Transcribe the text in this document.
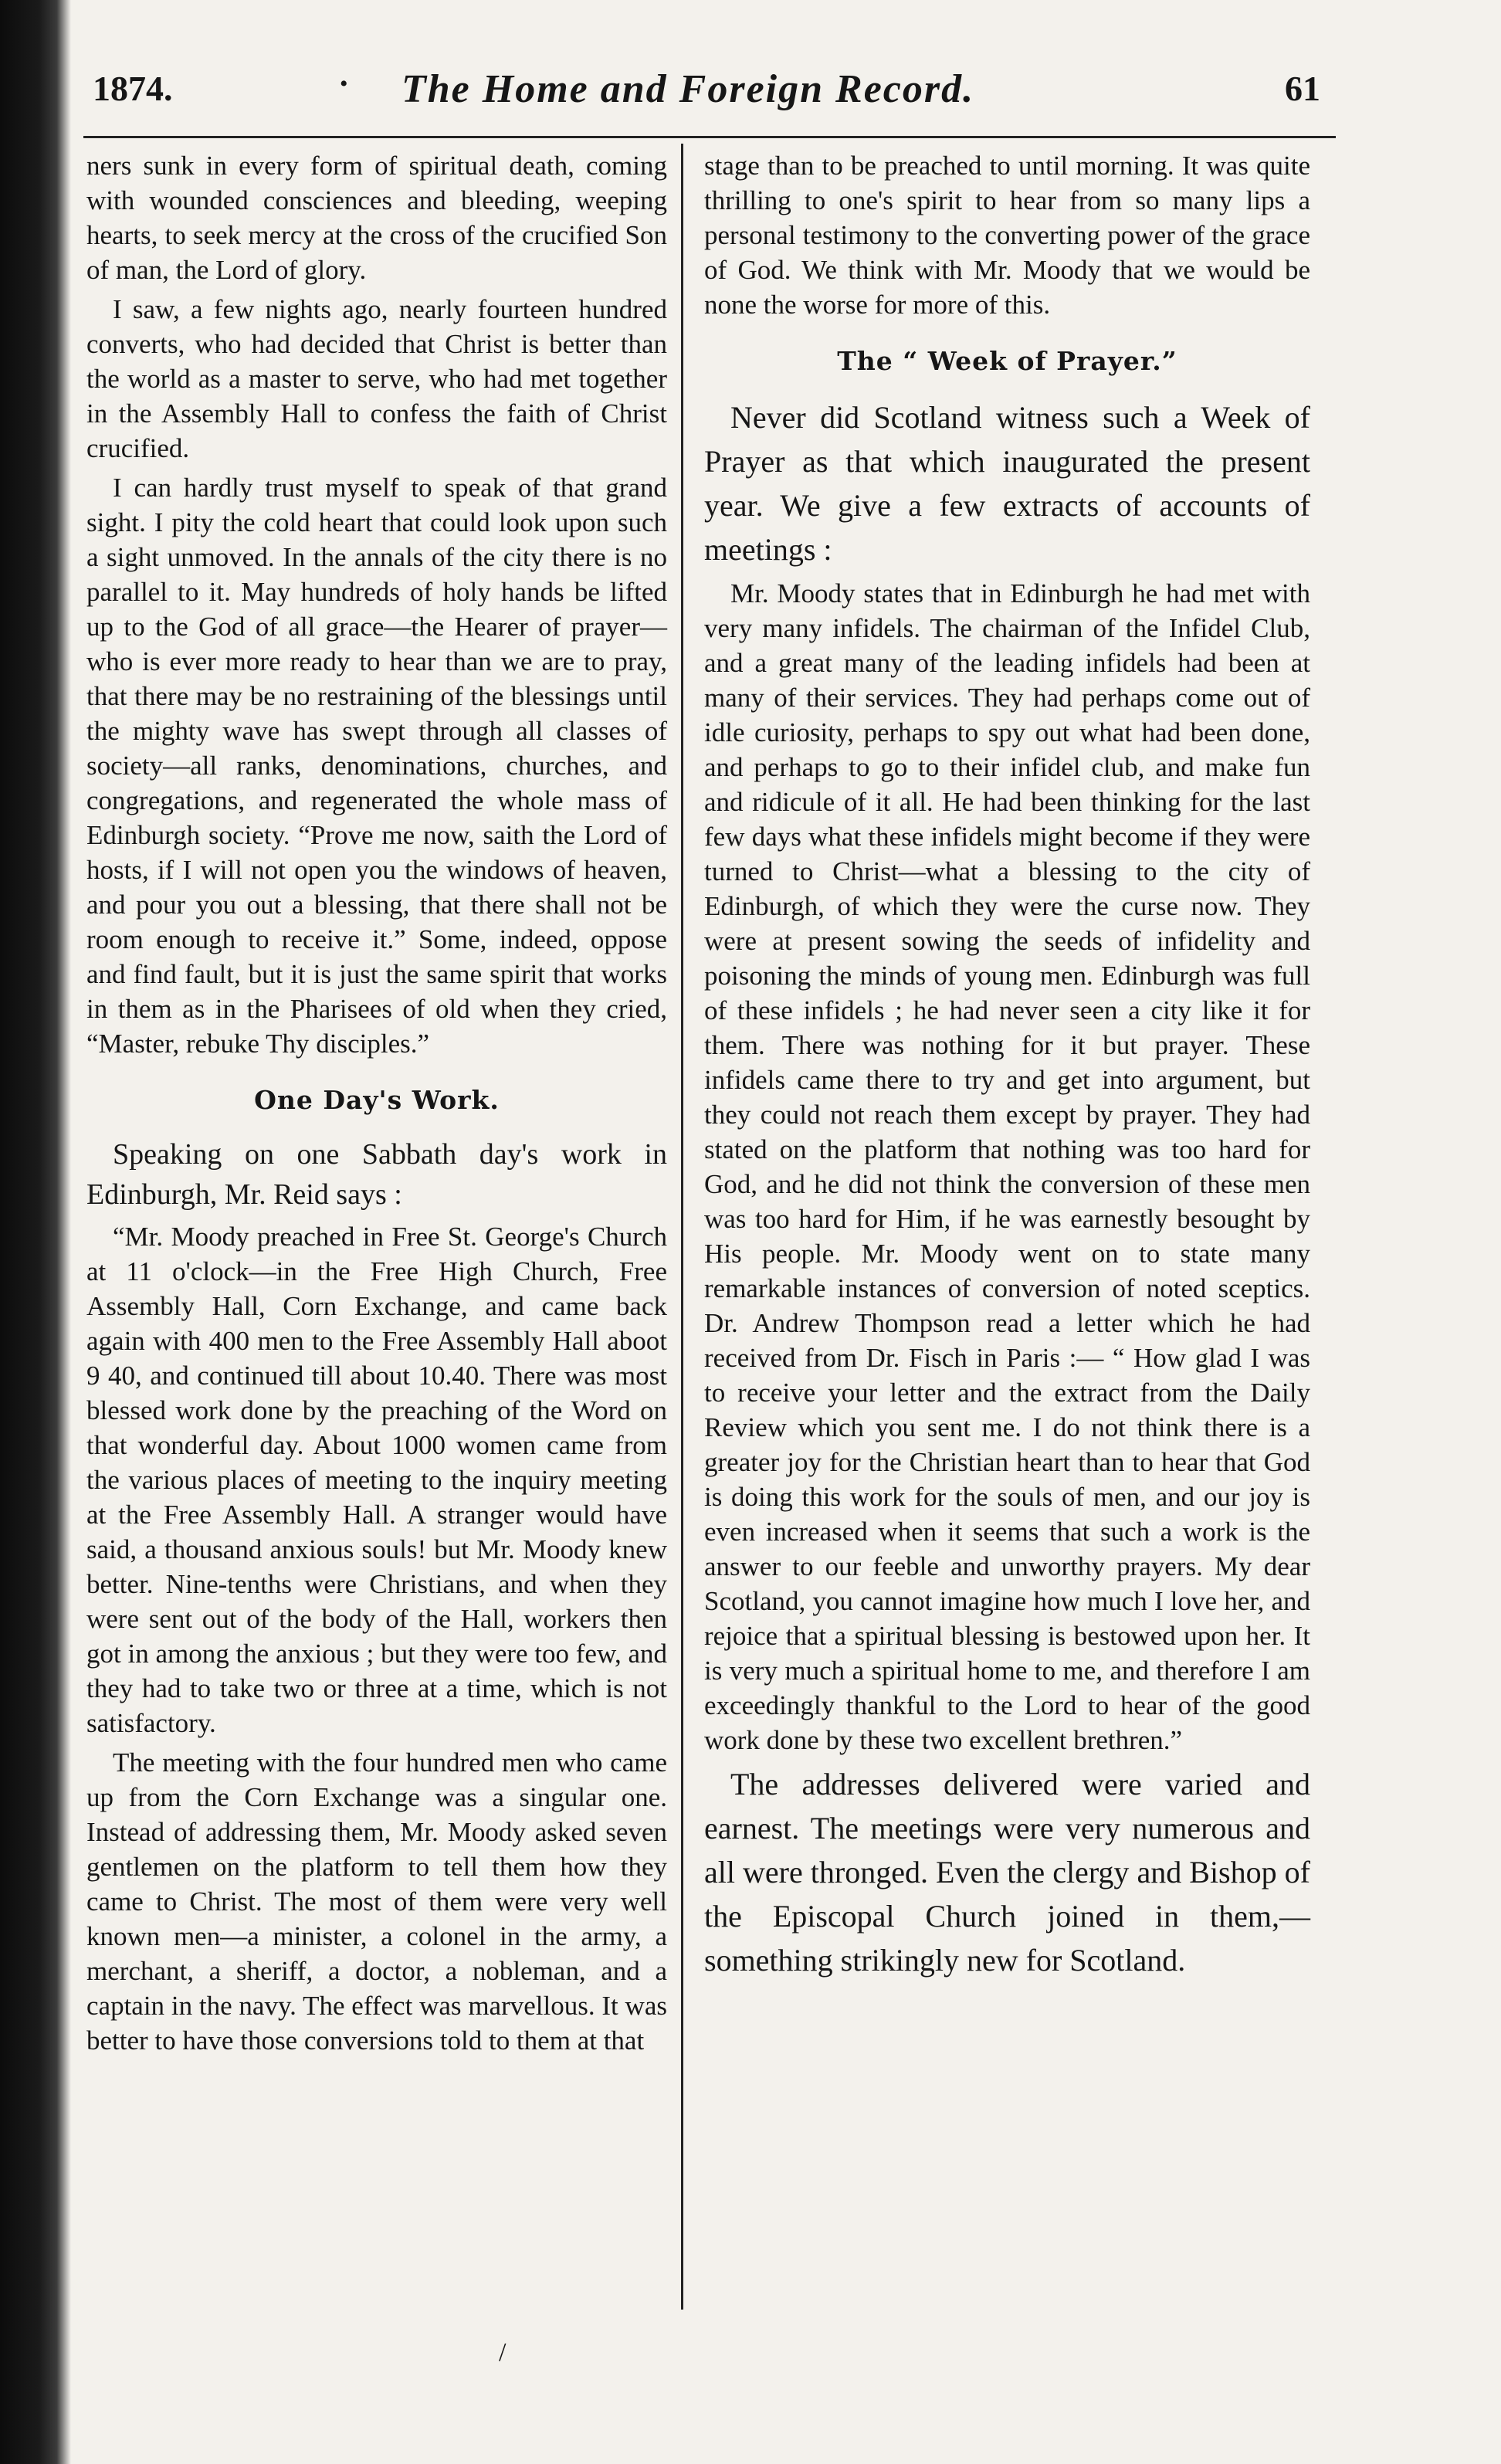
1874.	• The Home and Foreign Record.	61

ners sunk in every form of spiritual death, coming with wounded consciences and bleeding, weeping hearts, to seek mercy at the cross of the crucified Son of man, the Lord of glory.

I saw, a few nights ago, nearly fourteen hundred converts, who had decided that Christ is better than the world as a master to serve, who had met together in the Assembly Hall to confess the faith of Christ crucified.

I can hardly trust myself to speak of that grand sight. I pity the cold heart that could look upon such a sight unmoved. In the annals of the city there is no parallel to it. May hundreds of holy hands be lifted up to the God of all grace—the Hearer of prayer—who is ever more ready to hear than we are to pray, that there may be no restraining of the blessings until the mighty wave has swept through all classes of society—all ranks, denominations, churches, and congregations, and regenerated the whole mass of Edinburgh society. “Prove me now, saith the Lord of hosts, if I will not open you the windows of heaven, and pour you out a blessing, that there shall not be room enough to receive it.” Some, indeed, oppose and find fault, but it is just the same spirit that works in them as in the Pharisees of old when they cried, “Master, rebuke Thy disciples.”

One Day's Work.

Speaking on one Sabbath day's work in Edinburgh, Mr. Reid says :

“Mr. Moody preached in Free St. George's Church at 11 o'clock—in the Free High Church, Free Assembly Hall, Corn Exchange, and came back again with 400 men to the Free Assembly Hall aboot 9 40, and continued till about 10.40. There was most blessed work done by the preaching of the Word on that wonderful day. About 1000 women came from the various places of meeting to the inquiry meeting at the Free Assembly Hall. A stranger would have said, a thousand anxious souls! but Mr. Moody knew better. Nine-tenths were Christians, and when they were sent out of the body of the Hall, workers then got in among the anxious ; but they were too few, and they had to take two or three at a time, which is not satisfactory.

The meeting with the four hundred men who came up from the Corn Exchange was a singular one. Instead of addressing them, Mr. Moody asked seven gentlemen on the platform to tell them how they came to Christ. The most of them were very well known men—a minister, a colonel in the army, a merchant, a sheriff, a doctor, a nobleman, and a captain in the navy. The effect was marvellous. It was better to have those conversions told to them at that

stage than to be preached to until morning. It was quite thrilling to one's spirit to hear from so many lips a personal testimony to the converting power of the grace of God. We think with Mr. Moody that we would be none the worse for more of this.

The “ Week of Prayer.”

Never did Scotland witness such a Week of Prayer as that which inaugurated the present year. We give a few extracts of accounts of meetings :

Mr. Moody states that in Edinburgh he had met with very many infidels. The chairman of the Infidel Club, and a great many of the leading infidels had been at many of their services. They had perhaps come out of idle curiosity, perhaps to spy out what had been done, and perhaps to go to their infidel club, and make fun and ridicule of it all. He had been thinking for the last few days what these infidels might become if they were turned to Christ—what a blessing to the city of Edinburgh, of which they were the curse now. They were at present sowing the seeds of infidelity and poisoning the minds of young men. Edinburgh was full of these infidels ; he had never seen a city like it for them. There was nothing for it but prayer. These infidels came there to try and get into argument, but they could not reach them except by prayer. They had stated on the platform that nothing was too hard for God, and he did not think the conversion of these men was too hard for Him, if he was earnestly besought by His people. Mr. Moody went on to state many remarkable instances of conversion of noted sceptics. Dr. Andrew Thompson read a letter which he had received from Dr. Fisch in Paris :— “ How glad I was to receive your letter and the extract from the Daily Review which you sent me. I do not think there is a greater joy for the Christian heart than to hear that God is doing this work for the souls of men, and our joy is even increased when it seems that such a work is the answer to our feeble and unworthy prayers. My dear Scotland, you cannot imagine how much I love her, and rejoice that a spiritual blessing is bestowed upon her. It is very much a spiritual home to me, and therefore I am exceedingly thankful to the Lord to hear of the good work done by these two excellent brethren.”

The addresses delivered were varied and earnest. The meetings were very numerous and all were thronged. Even the clergy and Bishop of the Episcopal Church joined in them,—something strikingly new for Scotland.

/
